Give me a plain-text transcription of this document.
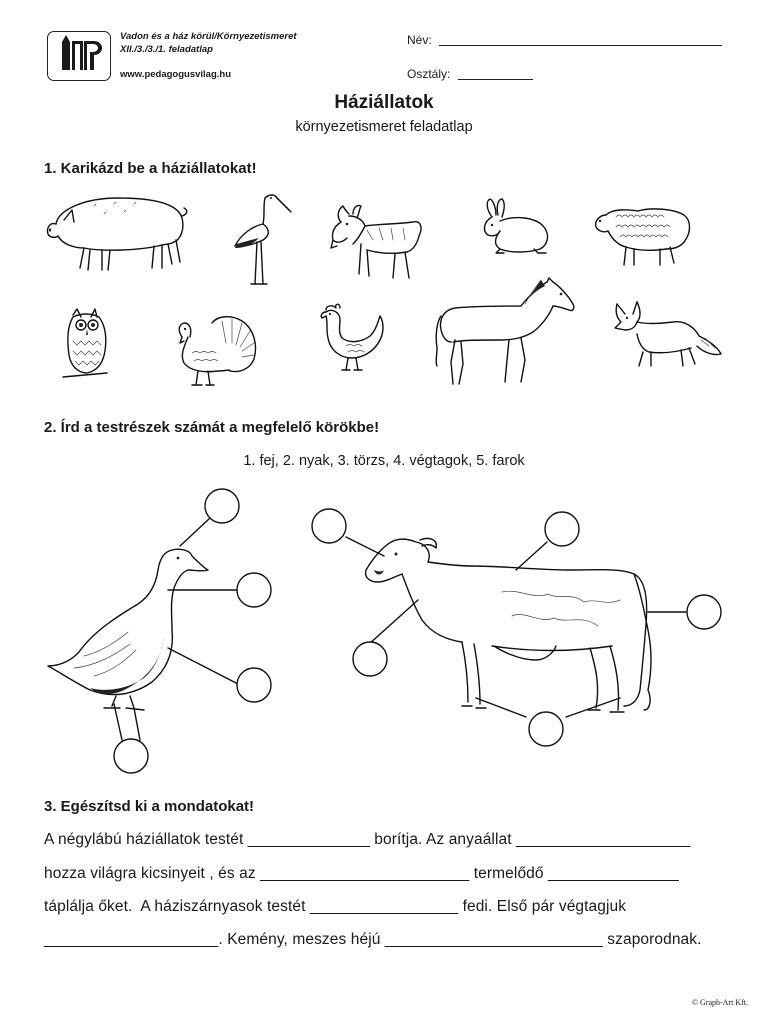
Vadon és a ház körül/Környezetismeret
XII./3./3./1. feladatlap
www.pedagogusvilag.hu
Név:
Osztály:
Háziállatok
környezetismeret feladatlap
1. Karikázd be a háziállatokat!
2. Írd a testrészek számát a megfelelő körökbe!
1. fej, 2. nyak, 3. törzs, 4. végtagok, 5. farok
3. Egészítsd ki a mondatokat!
A négylábú háziállatok testét ______________ borítja. Az anyaállat ____________________
hozza világra kicsinyeit , és az ________________________ termelődő _______________
táplálja őket.  A háziszárnyasok testét _________________ fedi. Első pár végtagjuk
____________________. Kemény, meszes héjú _________________________ szaporodnak.
© Graph-Art Kft.
